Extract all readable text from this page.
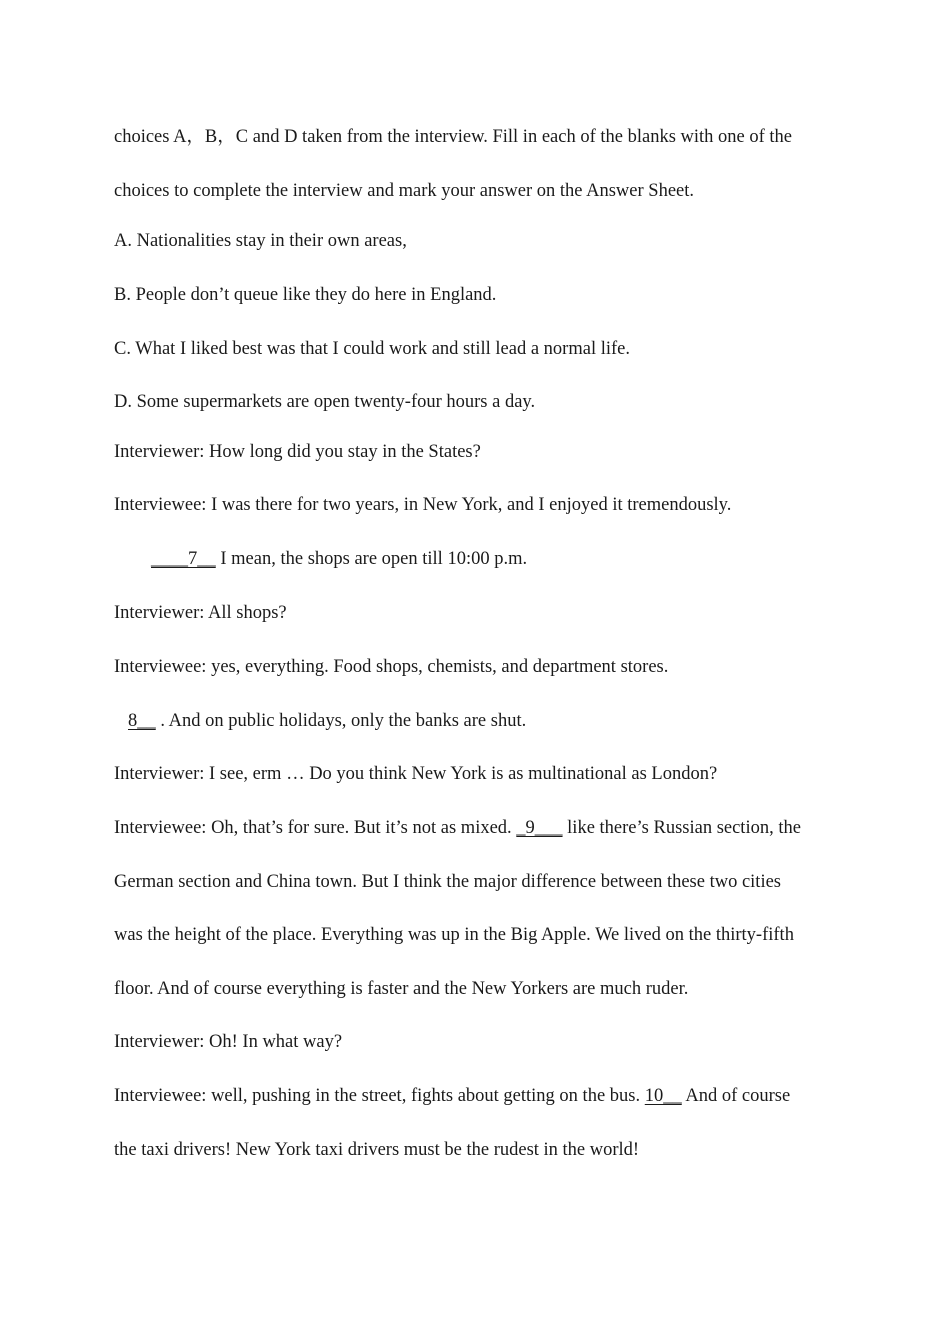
choices A，B，C and D taken from the interview. Fill in each of the blanks with one of the
choices to complete the interview and mark your answer on the Answer Sheet.
A. Nationalities stay in their own areas,
B. People don’t queue like they do here in England.
C. What I liked best was that I could work and still lead a normal life.
D. Some supermarkets are open twenty-four hours a day.
Interviewer: How long did you stay in the States?
Interviewee: I was there for two years, in New York, and I enjoyed it tremendously.
____7__ I mean, the shops are open till 10:00 p.m.
Interviewer: All shops?
Interviewee: yes, everything. Food shops, chemists, and department stores.
8__ . And on public holidays, only the banks are shut.
Interviewer: I see, erm … Do you think New York is as multinational as London?
Interviewee: Oh, that’s for sure. But it’s not as mixed. _9___ like there’s Russian section, the
German section and China town. But I think the major difference between these two cities
was the height of the place. Everything was up in the Big Apple. We lived on the thirty-fifth
floor. And of course everything is faster and the New Yorkers are much ruder.
Interviewer: Oh! In what way?
Interviewee: well, pushing in the street, fights about getting on the bus. 10__ And of course
the taxi drivers! New York taxi drivers must be the rudest in the world!
